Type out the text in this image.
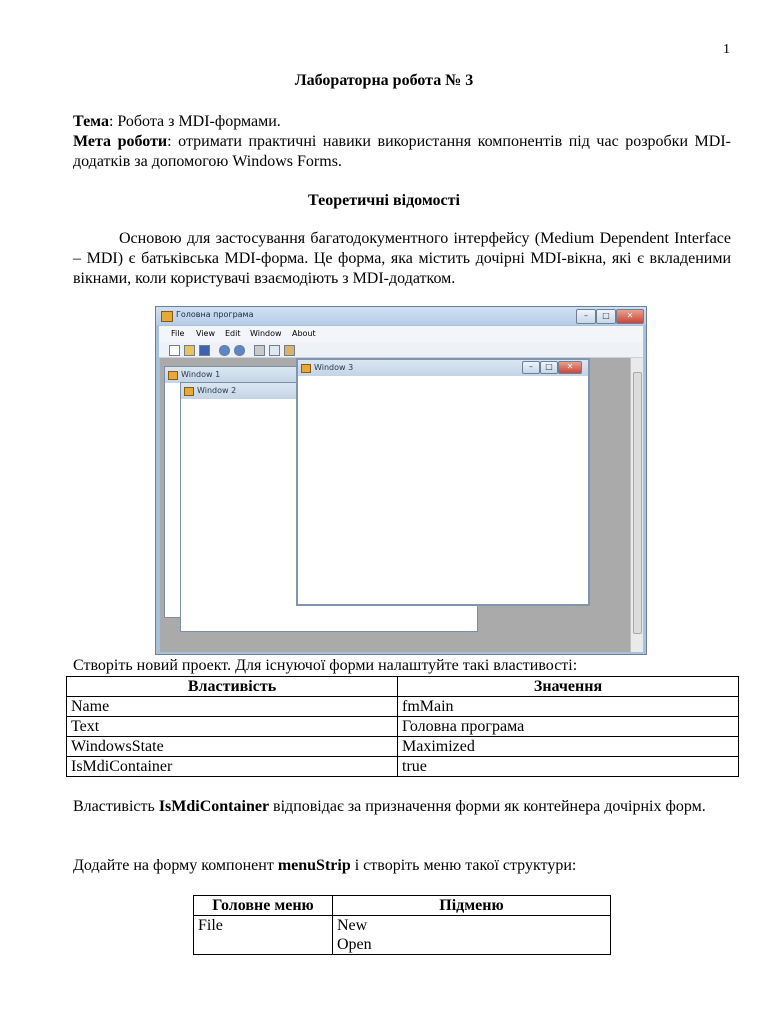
1
Лабораторна робота № 3
Тема: Робота з MDI-формами.
Мета роботи: отримати практичні навики використання компонентів під час розробки MDI-додатків за допомогою Windows Forms.
Теоретичні відомості
Основою для застосування багатодокументного інтерфейсу (Medium Dependent Interface – MDI) є батьківська MDI-форма. Це форма, яка містить дочірні MDI-вікна, які є вкладеними вікнами, коли користувачі взаємодіють з MDI-додатком.
Головна програма	–	□	✕
File View Edit Window About
Window 1
Window 2
Window 3	–	□	✕
Створіть новий проект. Для існуючої форми налаштуйте такі властивості:
Властивість	Значення
Name	fmMain
Text	Головна програма
WindowsState	Maximized
IsMdiContainer	true
Властивість IsMdiContainer відповідає за призначення форми як контейнера дочірніх форм.
Додайте на форму компонент menuStrip і створіть меню такої структури:
Головне меню	Підменю
File	New
Open
